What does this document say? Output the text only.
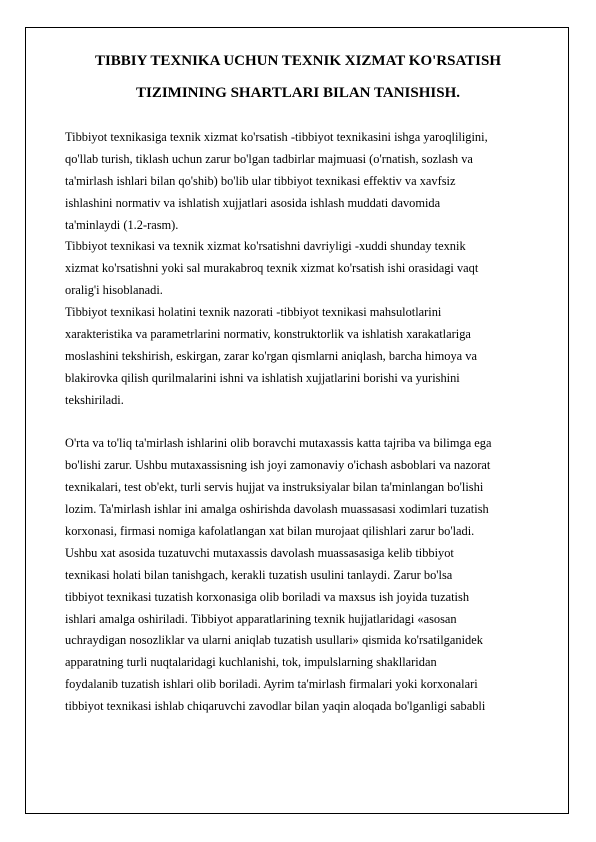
TIBBIY TEXNIKA UCHUN TEXNIK XIZMAT KO'RSATISH
TIZIMINING SHARTLARI BILAN TANISHISH.
Tibbiyot texnikasiga texnik xizmat ko'rsatish -tibbiyot texnikasini ishga yaroqliligini,
qo'llab turish, tiklash uchun zarur bo'lgan tadbirlar majmuasi (o'rnatish, sozlash va
ta'mirlash ishlari bilan qo'shib) bo'lib ular tibbiyot texnikasi effektiv va xavfsiz
ishlashini normativ va ishlatish xujjatlari asosida ishlash muddati davomida
ta'minlaydi (1.2-rasm).
Tibbiyot texnikasi va texnik xizmat ko'rsatishni davriyligi -xuddi shunday texnik
xizmat ko'rsatishni yoki sal murakabroq texnik xizmat ko'rsatish ishi orasidagi vaqt
oralig'i hisoblanadi.
Tibbiyot texnikasi holatini texnik nazorati -tibbiyot texnikasi mahsulotlarini
xarakteristika va parametrlarini normativ, konstruktorlik va ishlatish xarakatlariga
moslashini tekshirish, eskirgan, zarar ko'rgan qismlarni aniqlash, barcha himoya va
blakirovka qilish qurilmalarini ishni va ishlatish xujjatlarini borishi va yurishini
tekshiriladi.
O'rta va to'liq ta'mirlash ishlarini olib boravchi mutaxassis katta tajriba va bilimga ega
bo'lishi zarur. Ushbu mutaxassisning ish joyi zamonaviy o'ichash asboblari va nazorat
texnikalari, test ob'ekt, turli servis hujjat va instruksiyalar bilan ta'minlangan bo'lishi
lozim. Ta'mirlash ishlar ini amalga oshirishda davolash muassasasi xodimlari tuzatish
korxonasi, firmasi nomiga kafolatlangan xat bilan murojaat qilishlari zarur bo'ladi.
Ushbu xat asosida tuzatuvchi mutaxassis davolash muassasasiga kelib tibbiyot
texnikasi holati bilan tanishgach, kerakli tuzatish usulini tanlaydi. Zarur bo'lsa
tibbiyot texnikasi tuzatish korxonasiga olib boriladi va maxsus ish joyida tuzatish
ishlari amalga oshiriladi. Tibbiyot apparatlarining texnik hujjatlaridagi «asosan
uchraydigan nosozliklar va ularni aniqlab tuzatish usullari» qismida ko'rsatilganidek
apparatning turli nuqtalaridagi kuchlanishi, tok, impulslarning shakllaridan
foydalanib tuzatish ishlari olib boriladi. Ayrim ta'mirlash firmalari yoki korxonalari
tibbiyot texnikasi ishlab chiqaruvchi zavodlar bilan yaqin aloqada bo'lganligi sababli
